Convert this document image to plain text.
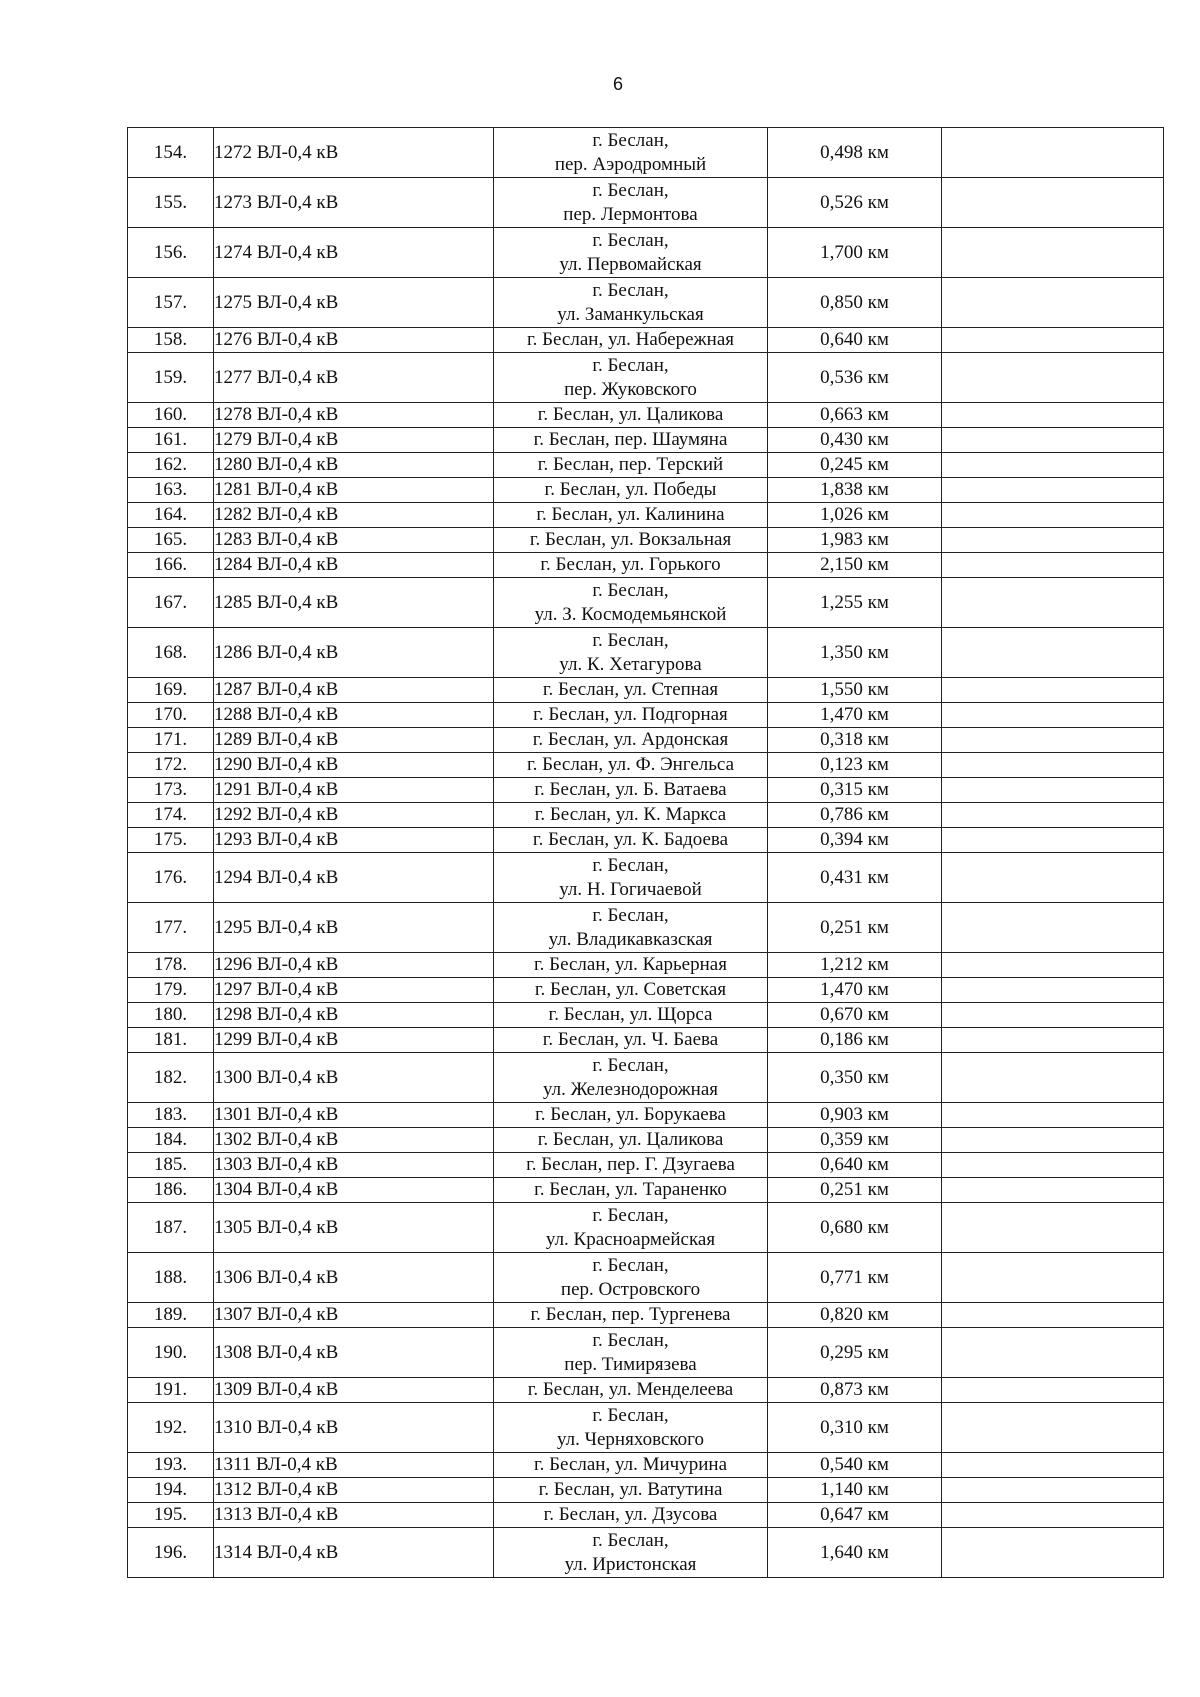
6
154.	1272 ВЛ-0,4 кВ	г. Беслан,
пер. Аэродромный	0,498 км	
155.	1273 ВЛ-0,4 кВ	г. Беслан,
пер. Лермонтова	0,526 км	
156.	1274 ВЛ-0,4 кВ	г. Беслан,
ул. Первомайская	1,700 км	
157.	1275 ВЛ-0,4 кВ	г. Беслан,
ул. Заманкульская	0,850 км	
158.	1276 ВЛ-0,4 кВ	г. Беслан, ул. Набережная	0,640 км	
159.	1277 ВЛ-0,4 кВ	г. Беслан,
пер. Жуковского	0,536 км	
160.	1278 ВЛ-0,4 кВ	г. Беслан, ул. Цаликова	0,663 км	
161.	1279 ВЛ-0,4 кВ	г. Беслан, пер. Шаумяна	0,430 км	
162.	1280 ВЛ-0,4 кВ	г. Беслан, пер. Терский	0,245 км	
163.	1281 ВЛ-0,4 кВ	г. Беслан, ул. Победы	1,838 км	
164.	1282 ВЛ-0,4 кВ	г. Беслан, ул. Калинина	1,026 км	
165.	1283 ВЛ-0,4 кВ	г. Беслан, ул. Вокзальная	1,983 км	
166.	1284 ВЛ-0,4 кВ	г. Беслан, ул. Горького	2,150 км	
167.	1285 ВЛ-0,4 кВ	г. Беслан,
ул. З. Космодемьянской	1,255 км	
168.	1286 ВЛ-0,4 кВ	г. Беслан,
ул. К. Хетагурова	1,350 км	
169.	1287 ВЛ-0,4 кВ	г. Беслан, ул. Степная	1,550 км	
170.	1288 ВЛ-0,4 кВ	г. Беслан, ул. Подгорная	1,470 км	
171.	1289 ВЛ-0,4 кВ	г. Беслан, ул. Ардонская	0,318 км	
172.	1290 ВЛ-0,4 кВ	г. Беслан, ул. Ф. Энгельса	0,123 км	
173.	1291 ВЛ-0,4 кВ	г. Беслан, ул. Б. Ватаева	0,315 км	
174.	1292 ВЛ-0,4 кВ	г. Беслан, ул. К. Маркса	0,786 км	
175.	1293 ВЛ-0,4 кВ	г. Беслан, ул. К. Бадоева	0,394 км	
176.	1294 ВЛ-0,4 кВ	г. Беслан,
ул. Н. Гогичаевой	0,431 км	
177.	1295 ВЛ-0,4 кВ	г. Беслан,
ул. Владикавказская	0,251 км	
178.	1296 ВЛ-0,4 кВ	г. Беслан, ул. Карьерная	1,212 км	
179.	1297 ВЛ-0,4 кВ	г. Беслан, ул. Советская	1,470 км	
180.	1298 ВЛ-0,4 кВ	г. Беслан, ул. Щорса	0,670 км	
181.	1299 ВЛ-0,4 кВ	г. Беслан, ул. Ч. Баева	0,186 км	
182.	1300 ВЛ-0,4 кВ	г. Беслан,
ул. Железнодорожная	0,350 км	
183.	1301 ВЛ-0,4 кВ	г. Беслан, ул. Борукаева	0,903 км	
184.	1302 ВЛ-0,4 кВ	г. Беслан, ул. Цаликова	0,359 км	
185.	1303 ВЛ-0,4 кВ	г. Беслан, пер. Г. Дзугаева	0,640 км	
186.	1304 ВЛ-0,4 кВ	г. Беслан, ул. Тараненко	0,251 км	
187.	1305 ВЛ-0,4 кВ	г. Беслан,
ул. Красноармейская	0,680 км	
188.	1306 ВЛ-0,4 кВ	г. Беслан,
пер. Островского	0,771 км	
189.	1307 ВЛ-0,4 кВ	г. Беслан, пер. Тургенева	0,820 км	
190.	1308 ВЛ-0,4 кВ	г. Беслан,
пер. Тимирязева	0,295 км	
191.	1309 ВЛ-0,4 кВ	г. Беслан, ул. Менделеева	0,873 км	
192.	1310 ВЛ-0,4 кВ	г. Беслан,
ул. Черняховского	0,310 км	
193.	1311 ВЛ-0,4 кВ	г. Беслан, ул. Мичурина	0,540 км	
194.	1312 ВЛ-0,4 кВ	г. Беслан, ул. Ватутина	1,140 км	
195.	1313 ВЛ-0,4 кВ	г. Беслан, ул. Дзусова	0,647 км	
196.	1314 ВЛ-0,4 кВ	г. Беслан,
ул. Иристонская	1,640 км	
